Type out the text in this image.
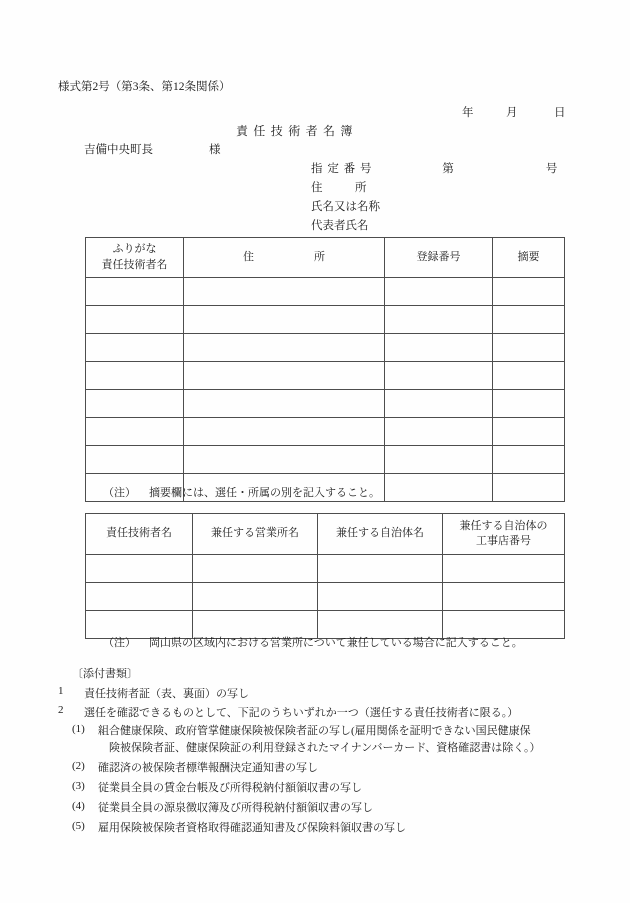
様式第2号（第3条、第12条関係）
年	月	日
責任技術者名簿
吉備中央町長	様
指定番号	第	号
住	所
氏名又は名称
代表者氏名
ふりがな
責任技術者名	住 所	登録番号	摘要

（注） 摘要欄には、選任・所属の別を記入すること。
責任技術者名	兼任する営業所名	兼任する自治体名	兼任する自治体の
工事店番号

（注） 岡山県の区域内における営業所について兼任している場合に記入すること。
〔添付書類〕
1	責任技術者証（表、裏面）の写し
2	選任を確認できるものとして、下記のうちいずれか一つ（選任する責任技術者に限る。）
(1)	組合健康保険、政府管掌健康保険被保険者証の写し(雇用関係を証明できない国民健康保
険被保険者証、健康保険証の利用登録されたマイナンバーカード、資格確認書は除く。）
(2)	確認済の被保険者標準報酬決定通知書の写し
(3)	従業員全員の賃金台帳及び所得税納付額領収書の写し
(4)	従業員全員の源泉徴収簿及び所得税納付額領収書の写し
(5)	雇用保険被保険者資格取得確認通知書及び保険料領収書の写し
